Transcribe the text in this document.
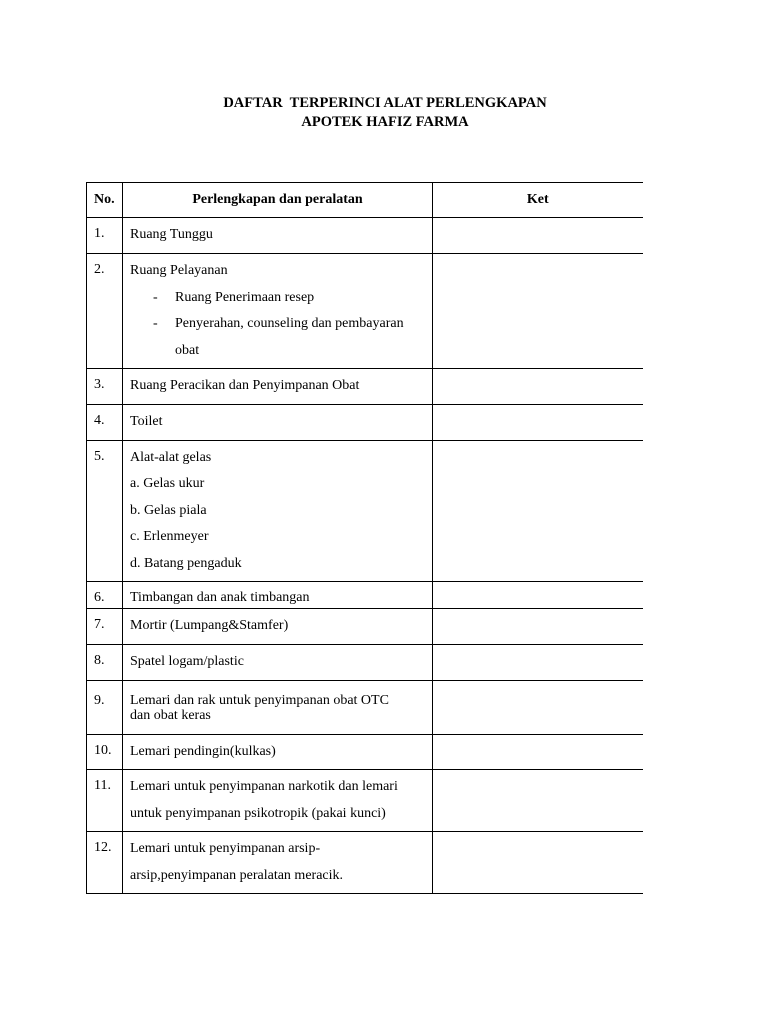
DAFTAR  TERPERINCI ALAT PERLENGKAPAN
APOTEK HAFIZ FARMA
No.	Perlengkapan dan peralatan	Ket
1.	Ruang Tunggu	

2.	Ruang Pelayanan
- Ruang Penerimaan resep
- Penyerahan, counseling dan pembayaran
obat	

3.	Ruang Peracikan dan Penyimpanan Obat	

4.	Toilet	

5.	Alat-alat gelas
a. Gelas ukur
b. Gelas piala
c. Erlenmeyer
d. Batang pengaduk	

6.	Timbangan dan anak timbangan	

7.	Mortir (Lumpang&Stamfer)	

8.	Spatel logam/plastic	

9.	Lemari dan rak untuk penyimpanan obat OTC
dan obat keras	

10.	Lemari pendingin(kulkas)	

11.	Lemari untuk penyimpanan narkotik dan lemari
untuk penyimpanan psikotropik (pakai kunci)	

12.	Lemari untuk penyimpanan arsip-
arsip,penyimpanan peralatan meracik.	
